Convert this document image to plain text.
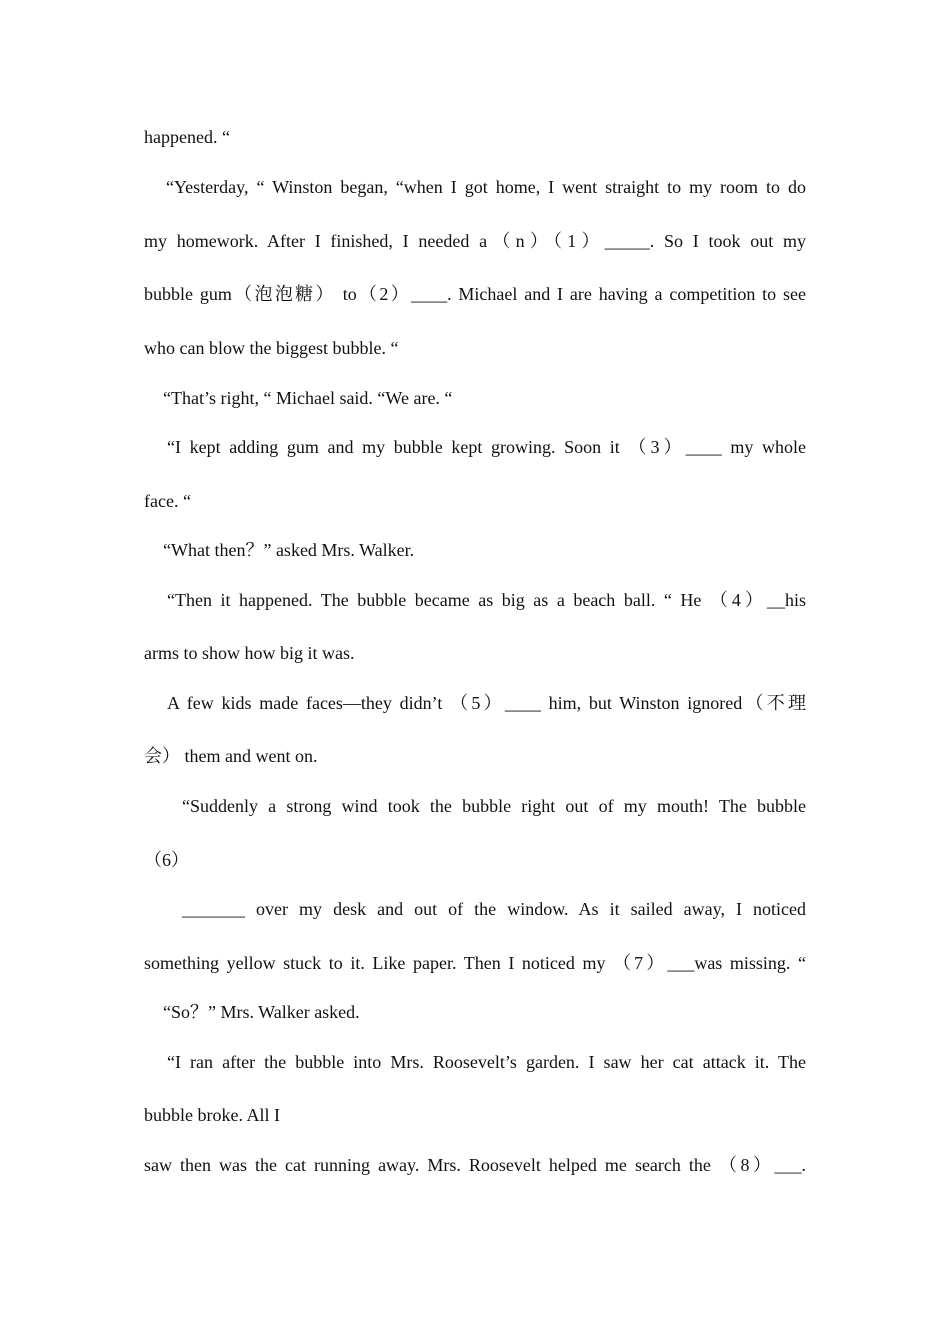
happened. “
“Yesterday, “ Winston began, “when I got home, I went straight to my room to do
my homework. After I finished, I needed a（n）（1）_____. So I took out my
bubble gum（泡泡糖） to（2）____. Michael and I are having a competition to see
who can blow the biggest bubble. “
“That’s right, “ Michael said. “We are. “
“I kept adding gum and my bubble kept growing. Soon it （3）____ my whole
face. “
“What then？” asked Mrs. Walker.
“Then it happened. The bubble became as big as a beach ball. “ He （4）__his
arms to show how big it was.
A few kids made faces—they didn’t （5）____ him, but Winston ignored（不理
会） them and went on.
“Suddenly a strong wind took the bubble right out of my mouth! The bubble
（6）
_______ over my desk and out of the window. As it sailed away, I noticed
something yellow stuck to it. Like paper. Then I noticed my （7）___was missing. “
“So？” Mrs. Walker asked.
“I ran after the bubble into Mrs. Roosevelt’s garden. I saw her cat attack it. The
bubble broke. All I
saw then was the cat running away. Mrs. Roosevelt helped me search the （8）___.
